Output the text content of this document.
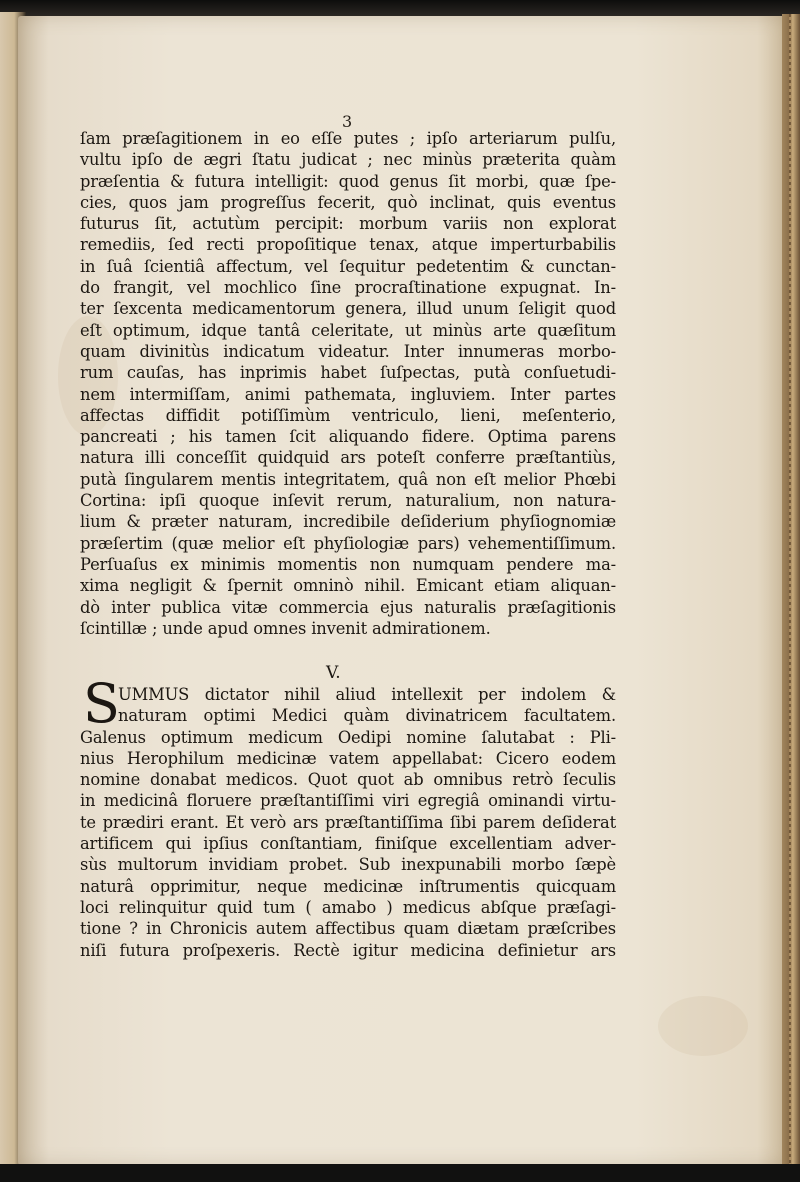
3
ſam præſagitionem in eo eſſe putes ; ipſo arteriarum pulſu,
vultu ipſo de ægri ſtatu judicat ; nec minùs præterita quàm
præſentia & futura intelligit: quod genus ſit morbi, quæ ſpe-
cies, quos jam progreſſus fecerit, quò inclinat, quis eventus
futurus ſit, actutùm percipit: morbum variis non explorat
remediis, ſed recti propoſitique tenax, atque imperturbabilis
in ſuâ ſcientiâ affectum, vel ſequitur pedetentim & cunctan-
do frangit, vel mochlico ſine procraſtinatione expugnat. In-
ter ſexcenta medicamentorum genera, illud unum ſeligit quod
eſt optimum, idque tantâ celeritate, ut minùs arte quæſitum
quam divinitùs indicatum videatur. Inter innumeras morbo-
rum cauſas, has inprimis habet ſuſpectas, putà conſuetudi-
nem intermiſſam, animi pathemata, ingluviem. Inter partes
affectas diffidit potiſſimùm ventriculo, lieni, meſenterio,
pancreati ; his tamen ſcit aliquando fidere. Optima parens
natura illi conceſſit quidquid ars poteſt conferre præſtantiùs,
putà ſingularem mentis integritatem, quâ non eſt melior Phœbi
Cortina: ipſi quoque inſevit rerum, naturalium, non natura-
lium & præter naturam, incredibile deſiderium phyſiognomiæ
præſertim (quæ melior eſt phyſiologiæ pars) vehementiſſimum.
Perſuaſus ex minimis momentis non numquam pendere ma-
xima negligit & ſpernit omninò nihil. Emicant etiam aliquan-
dò inter publica vitæ commercia ejus naturalis præſagitionis
ſcintillæ ; unde apud omnes invenit admirationem.
V.
S
UMMUS dictator nihil aliud intellexit per indolem &
naturam optimi Medici quàm divinatricem facultatem.
Galenus optimum medicum Oedipi nomine ſalutabat : Pli-
nius Herophilum medicinæ vatem appellabat: Cicero eodem
nomine donabat medicos. Quot quot ab omnibus retrò ſeculis
in medicinâ floruere præſtantiſſimi viri egregiâ ominandi virtu-
te prædiri erant. Et verò ars præſtantiſſima ſibi parem deſiderat
artificem qui ipſius conſtantiam, finiſque excellentiam adver-
sùs multorum invidiam probet. Sub inexpunabili morbo ſæpè
naturâ opprimitur, neque medicinæ inſtrumentis quicquam
loci relinquitur quid tum ( amabo ) medicus abſque præſagi-
tione ? in Chronicis autem affectibus quam diætam præſcribes
niſi futura proſpexeris. Rectè igitur medicina definietur ars
